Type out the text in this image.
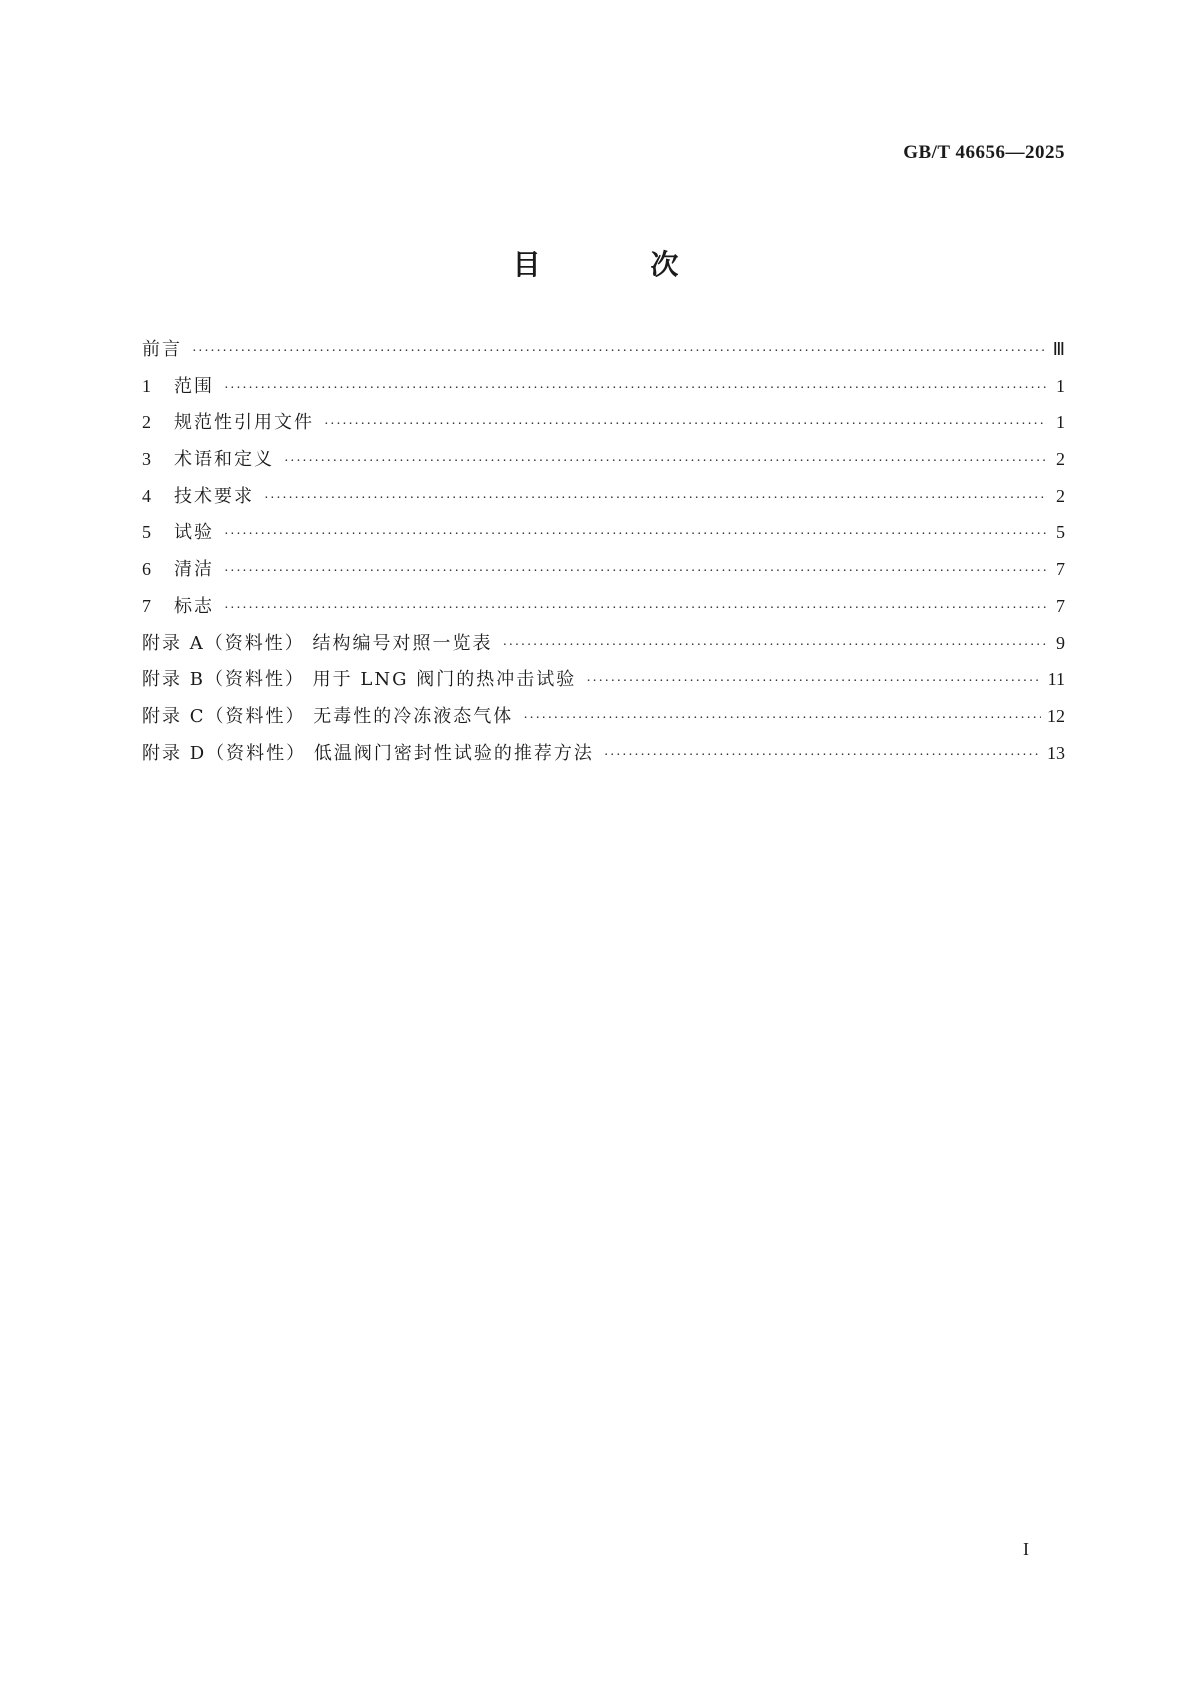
GB/T 46656—2025
目 次
前言 ·····	Ⅲ
1	范围 ·····	1
2	规范性引用文件 ·····	1
3	术语和定义 ·····	2
4	技术要求 ·····	2
5	试验 ·····	5
6	清洁 ·····	7
7	标志 ·····	7
附录 A（资料性） 结构编号对照一览表 ·····	9
附录 B（资料性） 用于 LNG 阀门的热冲击试验 ·····	11
附录 C（资料性） 无毒性的冷冻液态气体 ·····	12
附录 D（资料性） 低温阀门密封性试验的推荐方法 ·····	13
I
